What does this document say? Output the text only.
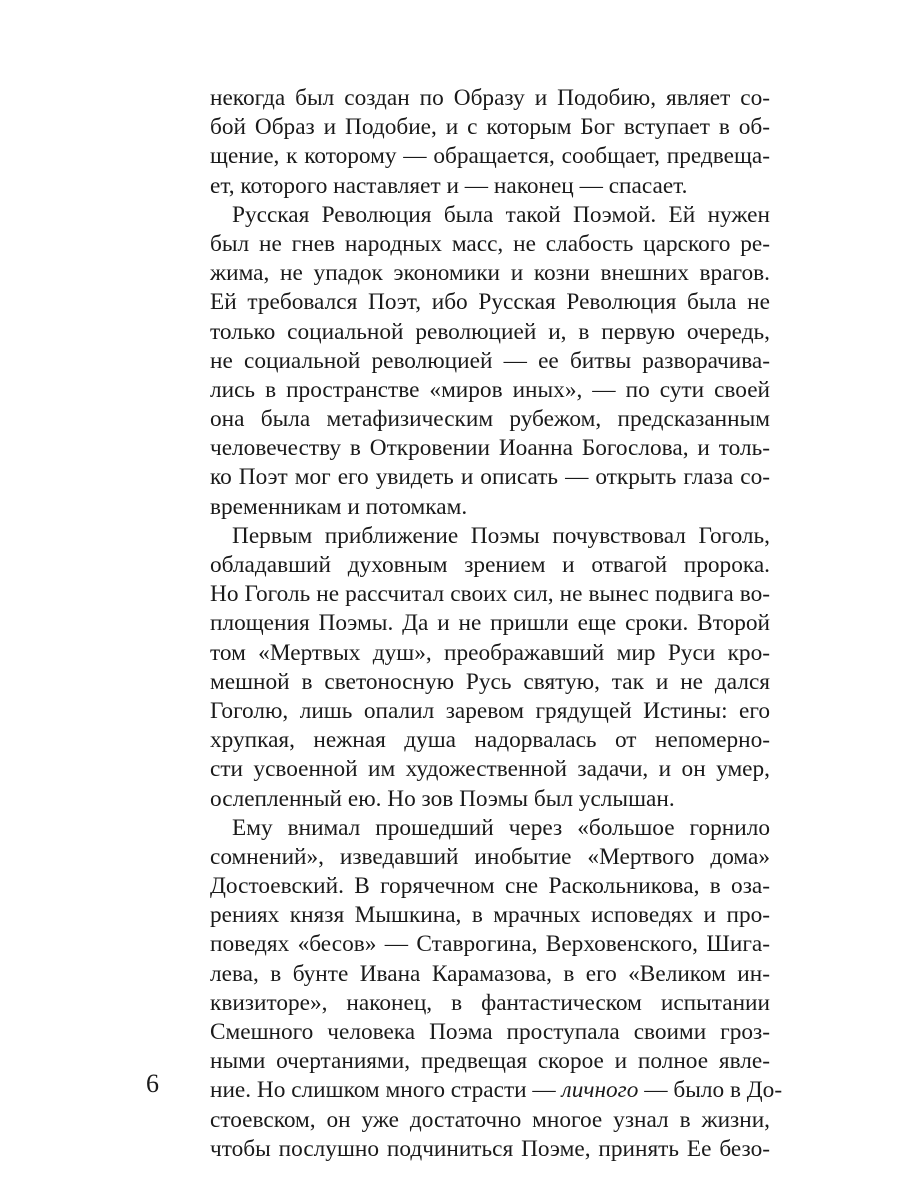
некогда был создан по Образу и Подобию, являет со-
бой Образ и Подобие, и с которым Бог вступает в об-
щение, к которому — обращается, сообщает, предвеща-
ет, которого наставляет и — наконец — спасает.
Русская Революция была такой Поэмой. Ей нужен
был не гнев народных масс, не слабость царского ре-
жима, не упадок экономики и козни внешних врагов.
Ей требовался Поэт, ибо Русская Революция была не
только социальной революцией и, в первую очередь,
не социальной революцией — ее битвы разворачива-
лись в пространстве «миров иных», — по сути своей
она была метафизическим рубежом, предсказанным
человечеству в Откровении Иоанна Богослова, и толь-
ко Поэт мог его увидеть и описать — открыть глаза со-
временникам и потомкам.
Первым приближение Поэмы почувствовал Гоголь,
обладавший духовным зрением и отвагой пророка.
Но Гоголь не рассчитал своих сил, не вынес подвига во-
площения Поэмы. Да и не пришли еще сроки. Второй
том «Мертвых душ», преображавший мир Руси кро-
мешной в светоносную Русь святую, так и не дался
Гоголю, лишь опалил заревом грядущей Истины: его
хрупкая, нежная душа надорвалась от непомерно-
сти усвоенной им художественной задачи, и он умер,
ослепленный ею. Но зов Поэмы был услышан.
Ему внимал прошедший через «большое горнило
сомнений», изведавший инобытие «Мертвого дома»
Достоевский. В горячечном сне Раскольникова, в оза-
рениях князя Мышкина, в мрачных исповедях и про-
поведях «бесов» — Ставрогина, Верховенского, Шига-
лева, в бунте Ивана Карамазова, в его «Великом ин-
квизиторе», наконец, в фантастическом испытании
Смешного человека Поэма проступала своими гроз-
ными очертаниями, предвещая скорое и полное явле-
ние. Но слишком много страсти — личного — было в До-
стоевском, он уже достаточно многое узнал в жизни,
чтобы послушно подчиниться Поэме, принять Ее безо-
6
